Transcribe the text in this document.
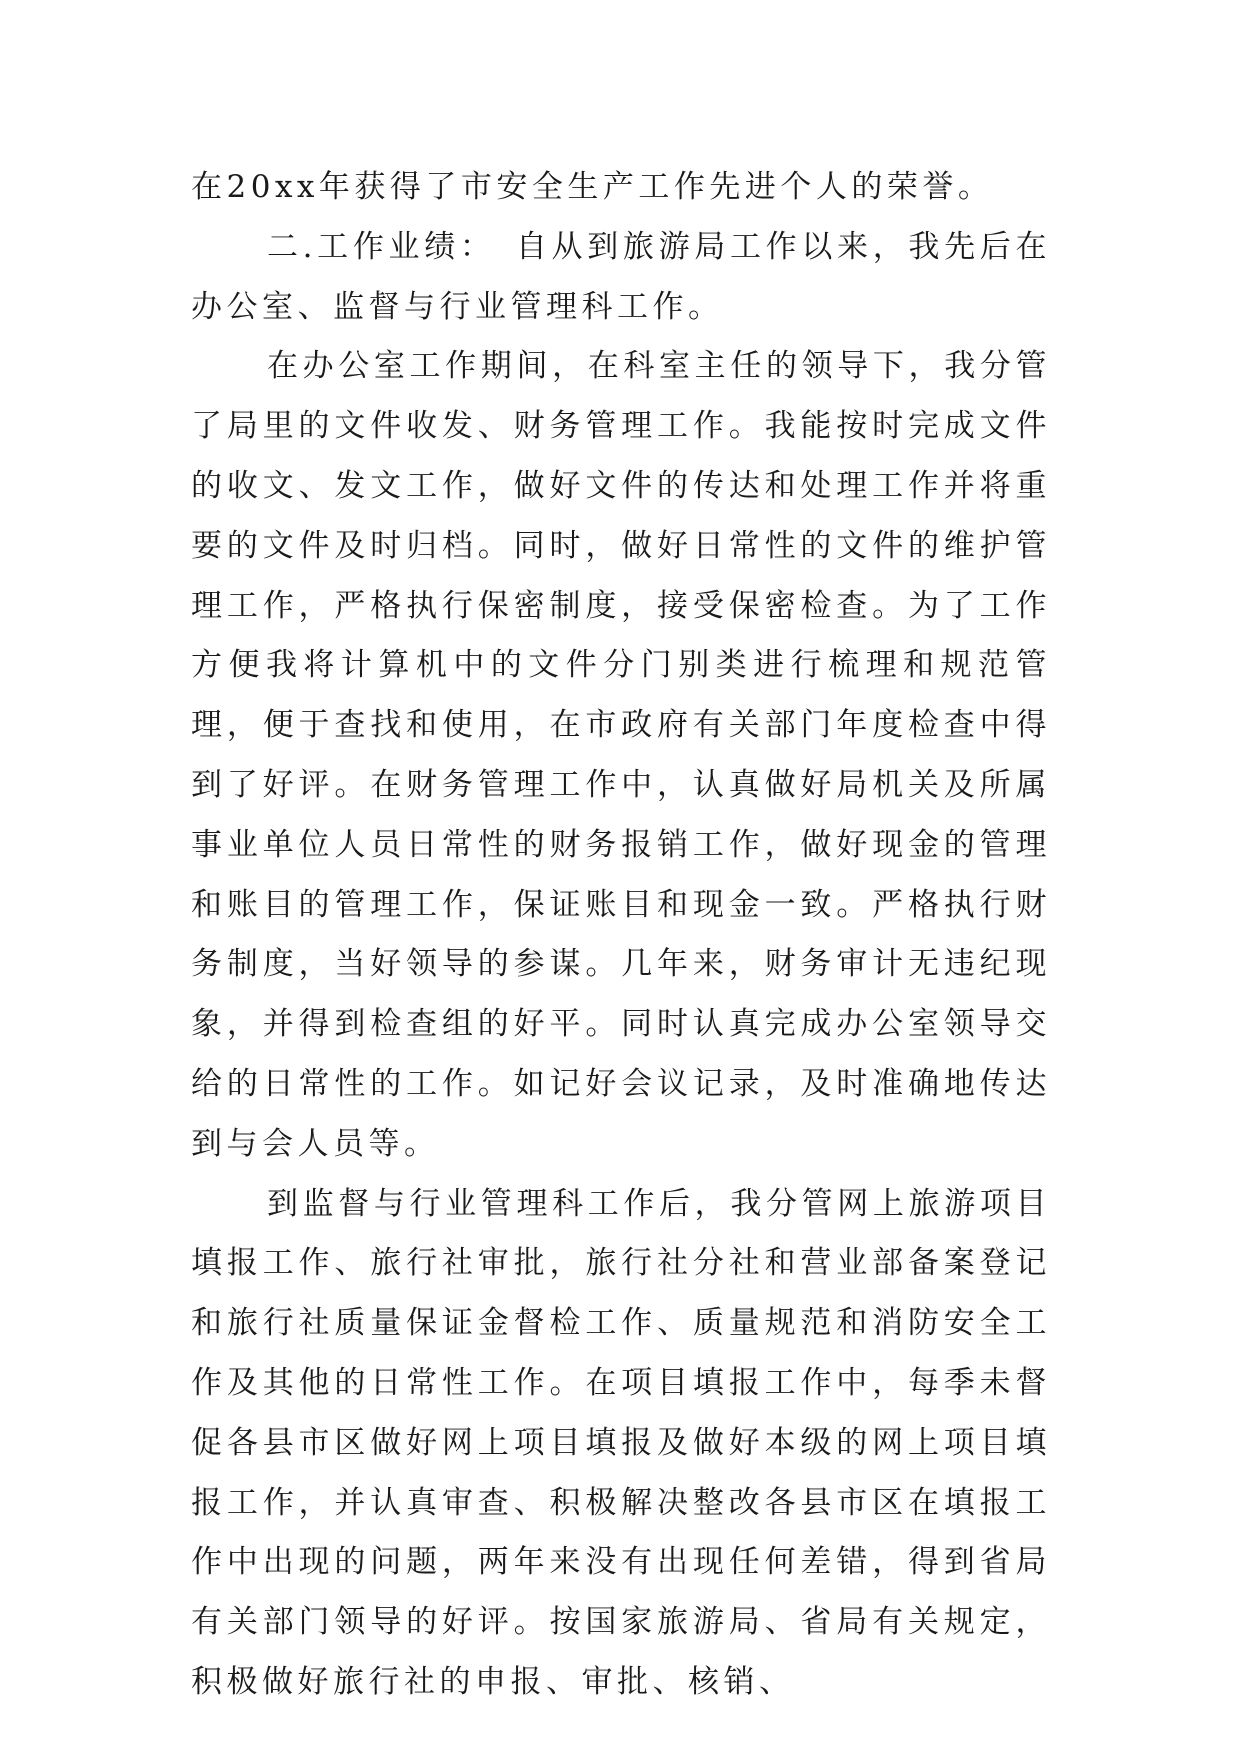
在20xx年获得了市安全生产工作先进个人的荣誉。

二.工作业绩：　自从到旅游局工作以来，我先后在办公室、监督与行业管理科工作。

在办公室工作期间，在科室主任的领导下，我分管了局里的文件收发、财务管理工作。我能按时完成文件的收文、发文工作，做好文件的传达和处理工作并将重要的文件及时归档。同时，做好日常性的文件的维护管理工作，严格执行保密制度，接受保密检查。为了工作方便我将计算机中的文件分门别类进行梳理和规范管理，便于查找和使用，在市政府有关部门年度检查中得到了好评。在财务管理工作中，认真做好局机关及所属事业单位人员日常性的财务报销工作，做好现金的管理和账目的管理工作，保证账目和现金一致。严格执行财务制度，当好领导的参谋。几年来，财务审计无违纪现象，并得到检查组的好平。同时认真完成办公室领导交给的日常性的工作。如记好会议记录，及时准确地传达到与会人员等。

到监督与行业管理科工作后，我分管网上旅游项目填报工作、旅行社审批，旅行社分社和营业部备案登记和旅行社质量保证金督检工作、质量规范和消防安全工作及其他的日常性工作。在项目填报工作中，每季未督促各县市区做好网上项目填报及做好本级的网上项目填报工作，并认真审查、积极解决整改各县市区在填报工作中出现的问题，两年来没有出现任何差错，得到省局有关部门领导的好评。按国家旅游局、省局有关规定，积极做好旅行社的申报、审批、核销、
